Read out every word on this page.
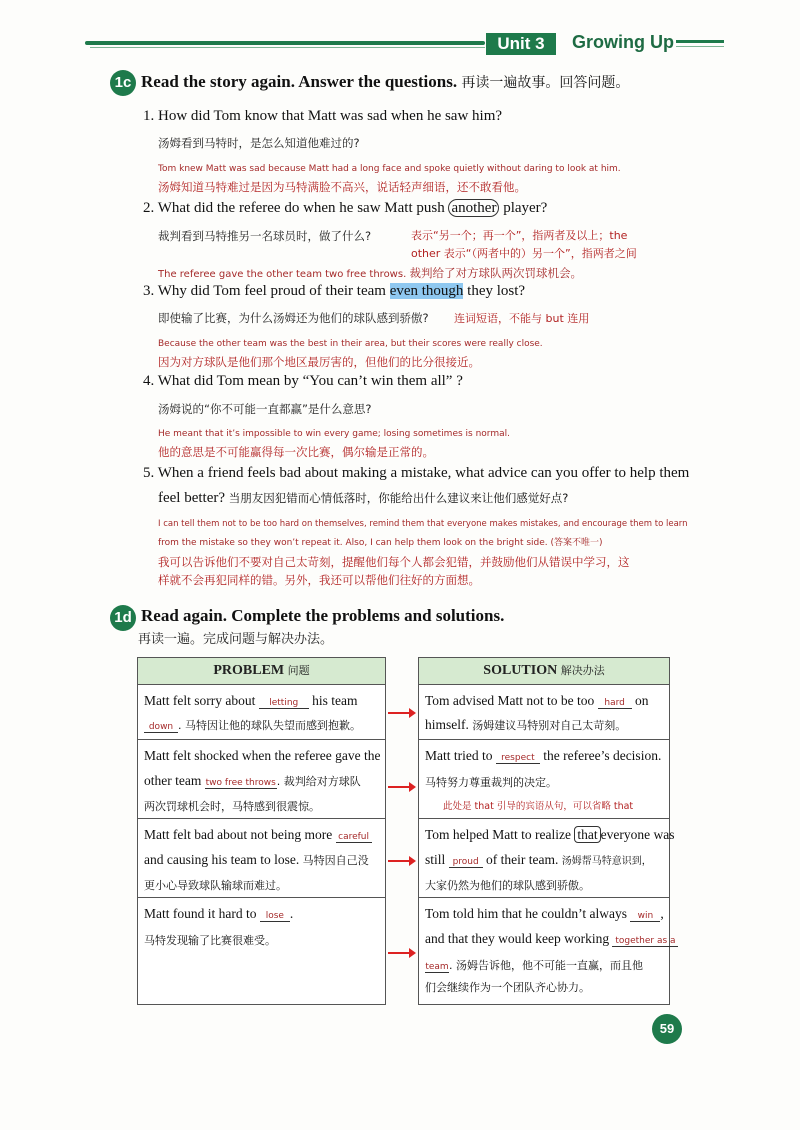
Unit 3	Growing Up
1c Read the story again. Answer the questions. 再读一遍故事。回答问题。
1. How did Tom know that Matt was sad when he saw him?
汤姆看到马特时，是怎么知道他难过的?
Tom knew Matt was sad because Matt had a long face and spoke quietly without daring to look at him.
汤姆知道马特难过是因为马特满脸不高兴，说话轻声细语，还不敢看他。
2. What did the referee do when he saw Matt push another player?
裁判看到马特推另一名球员时，做了什么?	表示“另一个；再一个”，指两者及以上；the
other 表示“（两者中的）另一个”，指两者之间
The referee gave the other team two free throws. 裁判给了对方球队两次罚球机会。
3. Why did Tom feel proud of their team even though they lost?
即使输了比赛，为什么汤姆还为他们的球队感到骄傲? 连词短语，不能与 but 连用
Because the other team was the best in their area, but their scores were really close.
因为对方球队是他们那个地区最厉害的，但他们的比分很接近。
4. What did Tom mean by “You can’t win them all” ?
汤姆说的“你不可能一直都赢”是什么意思?
He meant that it’s impossible to win every game; losing sometimes is normal.
他的意思是不可能赢得每一次比赛，偶尔输是正常的。
5. When a friend feels bad about making a mistake, what advice can you offer to help them
feel better? 当朋友因犯错而心情低落时，你能给出什么建议来让他们感觉好点?
I can tell them not to be too hard on themselves, remind them that everyone makes mistakes, and encourage them to learn
from the mistake so they won’t repeat it. Also, I can help them look on the bright side. (答案不唯一)
我可以告诉他们不要对自己太苛刻，提醒他们每个人都会犯错，并鼓励他们从错误中学习，这
样就不会再犯同样的错。另外，我还可以帮他们往好的方面想。
1d Read again. Complete the problems and solutions.
再读一遍。完成问题与解决办法。
PROBLEM 问题
Matt felt sorry about letting his team
down . 马特因让他的球队失望而感到抱歉。
Matt felt shocked when the referee gave the
other team two free throws. 裁判给对方球队
两次罚球机会时，马特感到很震惊。
Matt felt bad about not being more careful
and causing his team to lose. 马特因自己没
更小心导致球队输球而难过。
Matt found it hard to lose .
马特发现输了比赛很难受。
SOLUTION 解决办法
Tom advised Matt not to be too hard on
himself. 汤姆建议马特别对自己太苛刻。
Matt tried to respect the referee’s decision.
马特努力尊重裁判的决定。
此处是 that 引导的宾语从句，可以省略 that
Tom helped Matt to realize that everyone was
still proud of their team. 汤姆帮马特意识到，
大家仍然为他们的球队感到骄傲。
Tom told him that he couldn’t always win ,
and that they would keep working together as a
team. 汤姆告诉他，他不可能一直赢，而且他
们会继续作为一个团队齐心协力。
59
